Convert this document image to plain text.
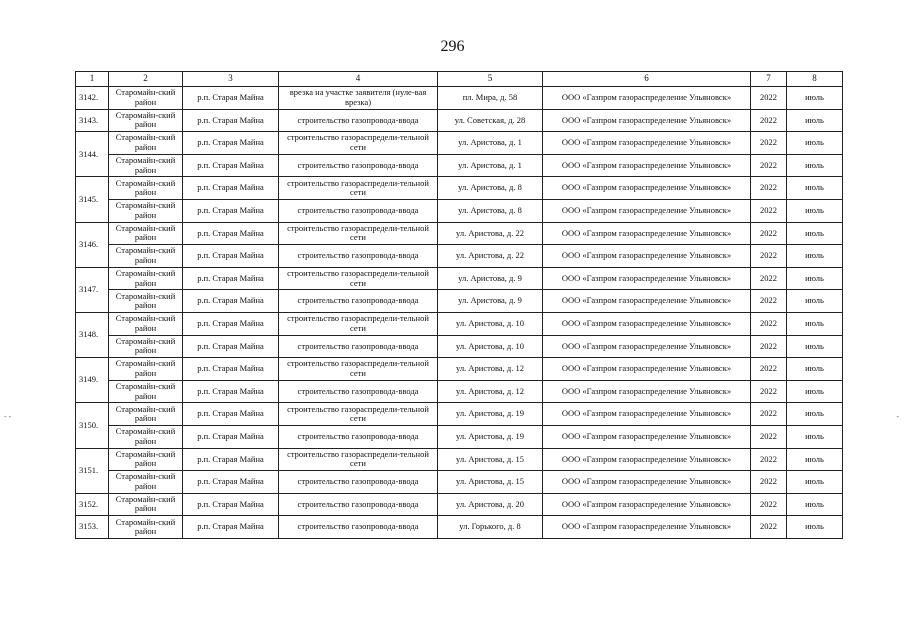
296
1	2	3	4	5	6	7	8
3142.	Старомайн-ский район	р.п. Старая Майна	врезка на участке заявителя (нуле-вая врезка)	пл. Мира, д. 58	ООО «Газпром газораспределение Ульяновск»	2022	июль
3143.	Старомайн-ский район	р.п. Старая Майна	строительство газопровода-ввода	ул. Советская, д. 28	ООО «Газпром газораспределение Ульяновск»	2022	июль
3144.	Старомайн-ский район	р.п. Старая Майна	строительство газораспредели-тельной сети	ул. Аристова, д. 1	ООО «Газпром газораспределение Ульяновск»	2022	июль
	Старомайн-ский район	р.п. Старая Майна	строительство газопровода-ввода	ул. Аристова, д. 1	ООО «Газпром газораспределение Ульяновск»	2022	июль
3145.	Старомайн-ский район	р.п. Старая Майна	строительство газораспредели-тельной сети	ул. Аристова, д. 8	ООО «Газпром газораспределение Ульяновск»	2022	июль
	Старомайн-ский район	р.п. Старая Майна	строительство газопровода-ввода	ул. Аристова, д. 8	ООО «Газпром газораспределение Ульяновск»	2022	июль
3146.	Старомайн-ский район	р.п. Старая Майна	строительство газораспредели-тельной сети	ул. Аристова, д. 22	ООО «Газпром газораспределение Ульяновск»	2022	июль
	Старомайн-ский район	р.п. Старая Майна	строительство газопровода-ввода	ул. Аристова, д. 22	ООО «Газпром газораспределение Ульяновск»	2022	июль
3147.	Старомайн-ский район	р.п. Старая Майна	строительство газораспредели-тельной сети	ул. Аристова, д. 9	ООО «Газпром газораспределение Ульяновск»	2022	июль
	Старомайн-ский район	р.п. Старая Майна	строительство газопровода-ввода	ул. Аристова, д. 9	ООО «Газпром газораспределение Ульяновск»	2022	июль
3148.	Старомайн-ский район	р.п. Старая Майна	строительство газораспредели-тельной сети	ул. Аристова, д. 10	ООО «Газпром газораспределение Ульяновск»	2022	июль
	Старомайн-ский район	р.п. Старая Майна	строительство газопровода-ввода	ул. Аристова, д. 10	ООО «Газпром газораспределение Ульяновск»	2022	июль
3149.	Старомайн-ский район	р.п. Старая Майна	строительство газораспредели-тельной сети	ул. Аристова, д. 12	ООО «Газпром газораспределение Ульяновск»	2022	июль
	Старомайн-ский район	р.п. Старая Майна	строительство газопровода-ввода	ул. Аристова, д. 12	ООО «Газпром газораспределение Ульяновск»	2022	июль
3150.	Старомайн-ский район	р.п. Старая Майна	строительство газораспредели-тельной сети	ул. Аристова, д. 19	ООО «Газпром газораспределение Ульяновск»	2022	июль
	Старомайн-ский район	р.п. Старая Майна	строительство газопровода-ввода	ул. Аристова, д. 19	ООО «Газпром газораспределение Ульяновск»	2022	июль
3151.	Старомайн-ский район	р.п. Старая Майна	строительство газораспредели-тельной сети	ул. Аристова, д. 15	ООО «Газпром газораспределение Ульяновск»	2022	июль
	Старомайн-ский район	р.п. Старая Майна	строительство газопровода-ввода	ул. Аристова, д. 15	ООО «Газпром газораспределение Ульяновск»	2022	июль
3152.	Старомайн-ский район	р.п. Старая Майна	строительство газопровода-ввода	ул. Аристова, д. 20	ООО «Газпром газораспределение Ульяновск»	2022	июль
3153.	Старомайн-ский район	р.п. Старая Майна	строительство газопровода-ввода	ул. Горького, д. 8	ООО «Газпром газораспределение Ульяновск»	2022	июль
- -	-
